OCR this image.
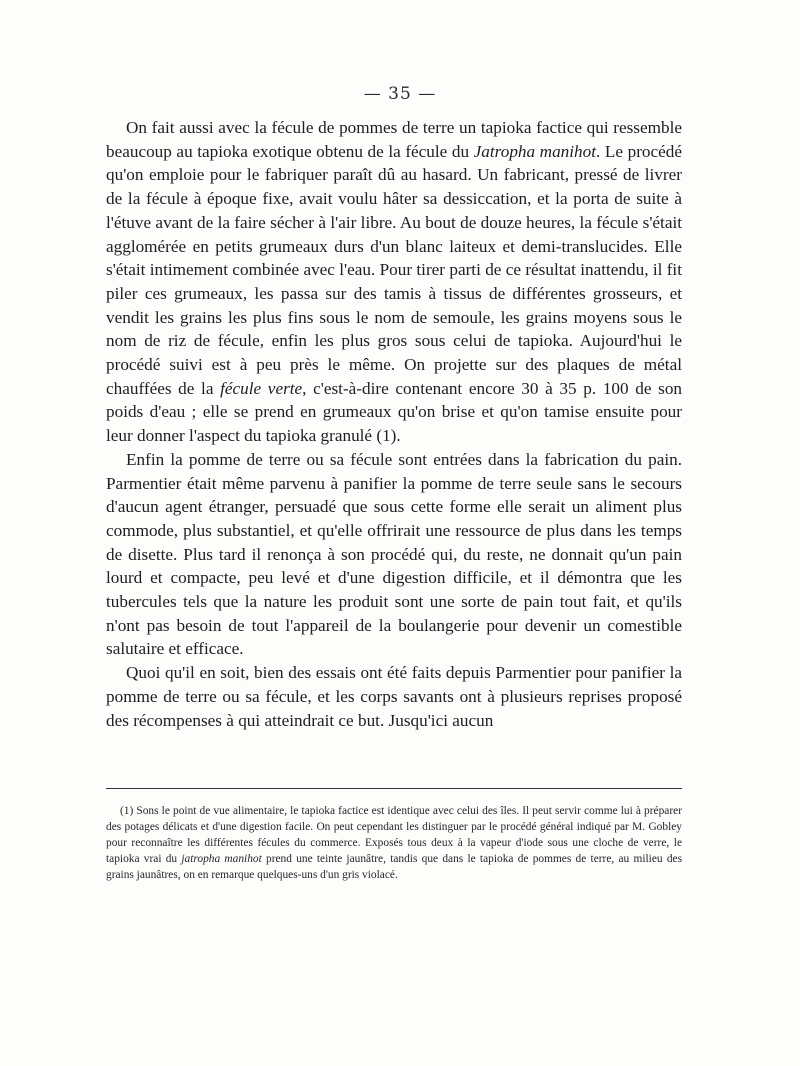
— 35 —

On fait aussi avec la fécule de pommes de terre un tapioka factice qui ressemble beaucoup au tapioka exotique obtenu de la fécule du Jatropha manihot. Le procédé qu'on emploie pour le fabriquer paraît dû au hasard. Un fabricant, pressé de livrer de la fécule à époque fixe, avait voulu hâter sa dessiccation, et la porta de suite à l'étuve avant de la faire sécher à l'air libre. Au bout de douze heures, la fécule s'était agglomérée en petits grumeaux durs d'un blanc laiteux et demi-translucides. Elle s'était intimement combinée avec l'eau. Pour tirer parti de ce résultat inattendu, il fit piler ces grumeaux, les passa sur des tamis à tissus de différentes grosseurs, et vendit les grains les plus fins sous le nom de semoule, les grains moyens sous le nom de riz de fécule, enfin les plus gros sous celui de tapioka. Aujourd'hui le procédé suivi est à peu près le même. On projette sur des plaques de métal chauffées de la fécule verte, c'est-à-dire contenant encore 30 à 35 p. 100 de son poids d'eau ; elle se prend en grumeaux qu'on brise et qu'on tamise ensuite pour leur donner l'aspect du tapioka granulé (1).

Enfin la pomme de terre ou sa fécule sont entrées dans la fabrication du pain. Parmentier était même parvenu à panifier la pomme de terre seule sans le secours d'aucun agent étranger, persuadé que sous cette forme elle serait un aliment plus commode, plus substantiel, et qu'elle offrirait une ressource de plus dans les temps de disette. Plus tard il renonça à son procédé qui, du reste, ne donnait qu'un pain lourd et compacte, peu levé et d'une digestion difficile, et il démontra que les tubercules tels que la nature les produit sont une sorte de pain tout fait, et qu'ils n'ont pas besoin de tout l'appareil de la boulangerie pour devenir un comestible salutaire et efficace.

Quoi qu'il en soit, bien des essais ont été faits depuis Parmentier pour panifier la pomme de terre ou sa fécule, et les corps savants ont à plusieurs reprises proposé des récompenses à qui atteindrait ce but. Jusqu'ici aucun

(1) Sons le point de vue alimentaire, le tapioka factice est identique avec celui des îles. Il peut servir comme lui à préparer des potages délicats et d'une digestion facile. On peut cependant les distinguer par le procédé général indiqué par M. Gobley pour reconnaître les différentes fécules du commerce. Exposés tous deux à la vapeur d'iode sous une cloche de verre, le tapioka vrai du jatropha manihot prend une teinte jaunâtre, tandis que dans le tapioka de pommes de terre, au milieu des grains jaunâtres, on en remarque quelques-uns d'un gris violacé.
